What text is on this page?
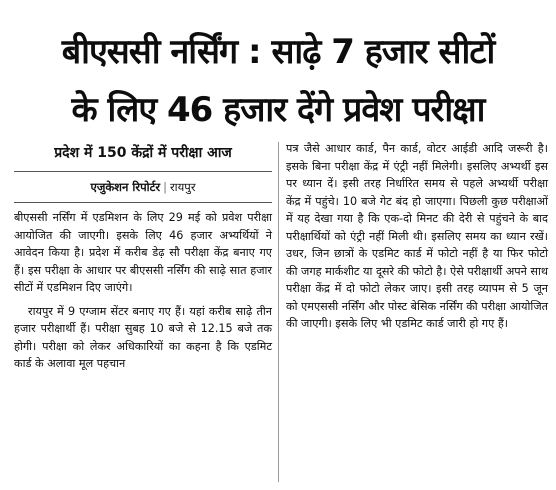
बीएससी नर्सिंग : साढ़े 7 हजार सीटों
के लिए 46 हजार देंगे प्रवेश परीक्षा
प्रदेश में 150 केंद्रों में परीक्षा आज
एजुकेशन रिपोर्टर | रायपुर

बीएससी नर्सिंग में एडमिशन के लिए 29 मई को प्रवेश परीक्षा आयोजित की जाएगी। इसके लिए 46 हजार अभ्यर्थियों ने आवेदन किया है। प्रदेश में करीब डेढ़ सौ परीक्षा केंद्र बनाए गए हैं। इस परीक्षा के आधार पर बीएससी नर्सिंग की साढ़े सात हजार सीटों में एडमिशन दिए जाएंगे।

रायपुर में 9 एग्जाम सेंटर बनाए गए हैं। यहां करीब साढ़े तीन हजार परीक्षार्थी हैं। परीक्षा सुबह 10 बजे से 12.15 बजे तक होगी। परीक्षा को लेकर अधिकारियों का कहना है कि एडमिट कार्ड के अलावा मूल पहचान

पत्र जैसे आधार कार्ड, पैन कार्ड, वोटर आईडी आदि जरूरी है। इसके बिना परीक्षा केंद्र में एंट्री नहीं मिलेगी। इसलिए अभ्यर्थी इस पर ध्यान दें। इसी तरह निर्धारित समय से पहले अभ्यर्थी परीक्षा केंद्र में पहुंचे। 10 बजे गेट बंद हो जाएगा। पिछली कुछ परीक्षाओं में यह देखा गया है कि एक-दो मिनट की देरी से पहुंचने के बाद परीक्षार्थियों को एंट्री नहीं मिली थी। इसलिए समय का ध्यान रखें। उधर, जिन छात्रों के एडमिट कार्ड में फोटो नहीं है या फिर फोटो की जगह मार्कशीट या दूसरे की फोटो है। ऐसे परीक्षार्थी अपने साथ परीक्षा केंद्र में दो फोटो लेकर जाए। इसी तरह व्यापम से 5 जून को एमएससी नर्सिंग और पोस्ट बेसिक नर्सिंग की परीक्षा आयोजित की जाएगी। इसके लिए भी एडमिट कार्ड जारी हो गए हैं।
